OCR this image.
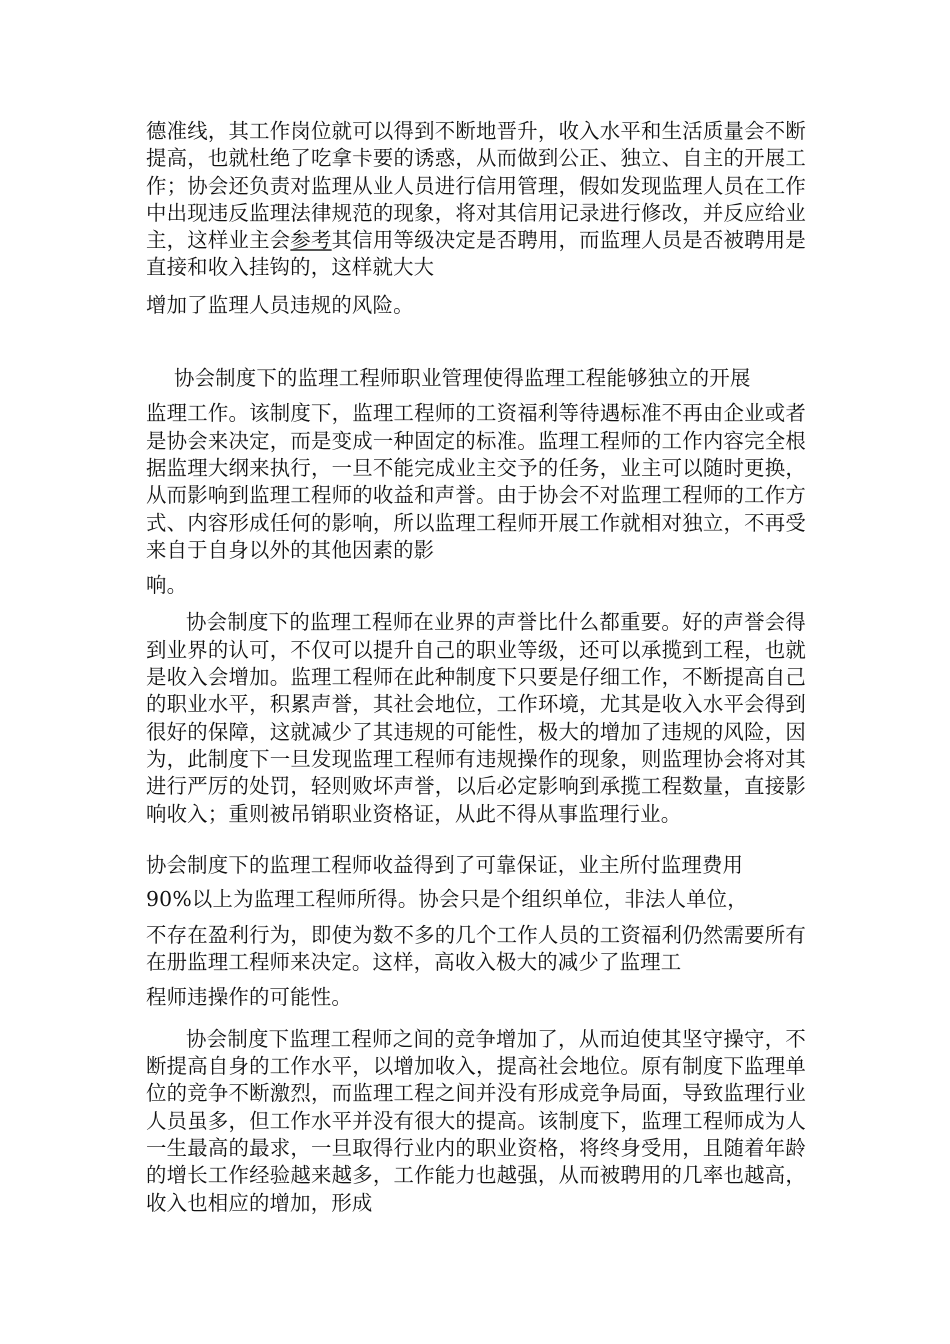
德准线，其工作岗位就可以得到不断地晋升，收入水平和生活质量会不断提高，也就杜绝了吃拿卡要的诱惑，从而做到公正、独立、自主的开展工作；协会还负责对监理从业人员进行信用管理，假如发现监理人员在工作中出现违反监理法律规范的现象，将对其信用记录进行修改，并反应给业主，这样业主会参考其信用等级决定是否聘用，而监理人员是否被聘用是直接和收入挂钩的，这样就大大

增加了监理人员违规的风险。

协会制度下的监理工程师职业管理使得监理工程能够独立的开展

监理工作。该制度下，监理工程师的工资福利等待遇标准不再由企业或者是协会来决定，而是变成一种固定的标准。监理工程师的工作内容完全根据监理大纲来执行，一旦不能完成业主交予的任务，业主可以随时更换，从而影响到监理工程师的收益和声誉。由于协会不对监理工程师的工作方式、内容形成任何的影响，所以监理工程师开展工作就相对独立，不再受来自于自身以外的其他因素的影

响。

协会制度下的监理工程师在业界的声誉比什么都重要。好的声誉会得到业界的认可，不仅可以提升自己的职业等级，还可以承揽到工程，也就是收入会增加。监理工程师在此种制度下只要是仔细工作，不断提高自己的职业水平，积累声誉，其社会地位，工作环境，尤其是收入水平会得到很好的保障，这就减少了其违规的可能性，极大的增加了违规的风险，因为，此制度下一旦发现监理工程师有违规操作的现象，则监理协会将对其进行严厉的处罚，轻则败坏声誉，以后必定影响到承揽工程数量，直接影响收入；重则被吊销职业资格证，从此不得从事监理行业。

协会制度下的监理工程师收益得到了可靠保证，业主所付监理费用

90%以上为监理工程师所得。协会只是个组织单位，非法人单位，

不存在盈利行为，即使为数不多的几个工作人员的工资福利仍然需要所有在册监理工程师来决定。这样，高收入极大的减少了监理工

程师违操作的可能性。

协会制度下监理工程师之间的竞争增加了，从而迫使其坚守操守，不断提高自身的工作水平，以增加收入，提高社会地位。原有制度下监理单位的竞争不断激烈，而监理工程之间并没有形成竞争局面，导致监理行业人员虽多，但工作水平并没有很大的提高。该制度下，监理工程师成为人一生最高的最求，一旦取得行业内的职业资格，将终身受用，且随着年龄的增长工作经验越来越多，工作能力也越强，从而被聘用的几率也越高，收入也相应的增加，形成
